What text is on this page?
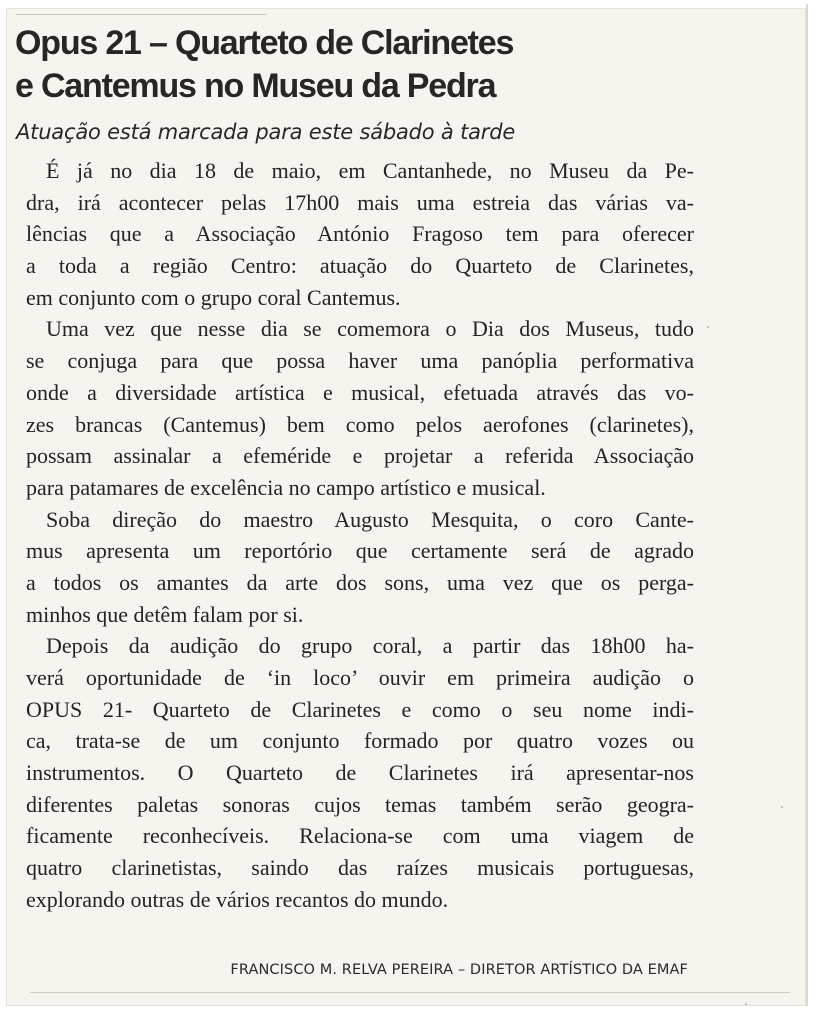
Opus 21 – Quarteto de Clarinetes
e Cantemus no Museu da Pedra

Atuação está marcada para este sábado à tarde

É já no dia 18 de maio, em Cantanhede, no Museu da Pe-
dra, irá acontecer pelas 17h00 mais uma estreia das várias va-
lências que a Associação António Fragoso tem para oferecer
a toda a região Centro: atuação do Quarteto de Clarinetes,
em conjunto com o grupo coral Cantemus.
Uma vez que nesse dia se comemora o Dia dos Museus, tudo
se conjuga para que possa haver uma panóplia performativa
onde a diversidade artística e musical, efetuada através das vo-
zes brancas (Cantemus) bem como pelos aerofones (clarinetes),
possam assinalar a efeméride e projetar a referida Associação
para patamares de excelência no campo artístico e musical.
Soba direção do maestro Augusto Mesquita, o coro Cante-
mus apresenta um reportório que certamente será de agrado
a todos os amantes da arte dos sons, uma vez que os perga-
minhos que detêm falam por si.
Depois da audição do grupo coral, a partir das 18h00 ha-
verá oportunidade de ‘in loco’ ouvir em primeira audição o
OPUS 21- Quarteto de Clarinetes e como o seu nome indi-
ca, trata-se de um conjunto formado por quatro vozes ou
instrumentos. O Quarteto de Clarinetes irá apresentar-nos
diferentes paletas sonoras cujos temas também serão geogra-
ficamente reconhecíveis. Relaciona-se com uma viagem de
quatro clarinetistas, saindo das raízes musicais portuguesas,
explorando outras de vários recantos do mundo.

FRANCISCO M. RELVA PEREIRA – DIRETOR ARTÍSTICO DA EMAF
